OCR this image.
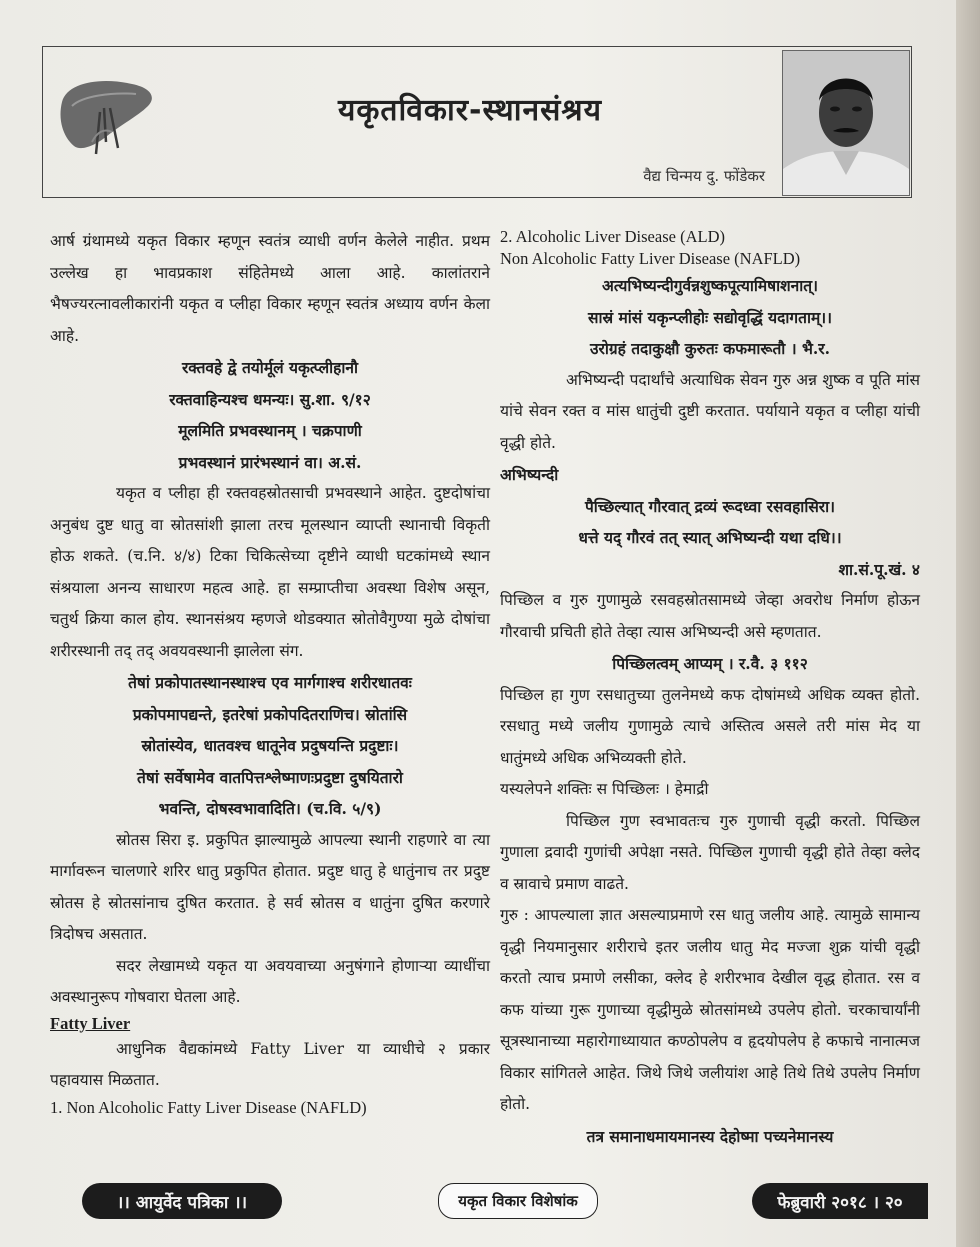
यकृतविकार-स्थानसंश्रय
वैद्य चिन्मय दु. फोंडेकर

आर्ष ग्रंथामध्ये यकृत विकार म्हणून स्वतंत्र व्याधी वर्णन केलेले नाहीत. प्रथम उल्लेख हा भावप्रकाश संहितेमध्ये आला आहे. कालांतराने भैषज्यरत्नावलीकारांनी यकृत व प्लीहा विकार म्हणून स्वतंत्र अध्याय वर्णन केला आहे.

रक्तवहे द्वे तयोर्मूलं यकृत्प्लीहानौ

रक्तवाहिन्यश्च धमन्यः। सु.शा. ९/१२

मूलमिति प्रभवस्थानम् । चक्रपाणी

प्रभवस्थानं प्रारंभस्थानं वा। अ.सं.

यकृत व प्लीहा ही रक्तवहस्रोतसाची प्रभवस्थाने आहेत. दुष्टदोषांचा अनुबंध दुष्ट धातु वा स्रोतसांशी झाला तरच मूलस्थान व्याप्ती स्थानाची विकृती होऊ शकते. (च.नि. ४/४) टिका चिकित्सेच्या दृष्टीने व्याधी घटकांमध्ये स्थान संश्रयाला अनन्य साधारण महत्व आहे. हा सम्प्राप्तीचा अवस्था विशेष असून, चतुर्थ क्रिया काल होय. स्थानसंश्रय म्हणजे थोडक्यात स्रोतोवैगुण्या मुळे दोषांचा शरीरस्थानी तद् तद् अवयवस्थानी झालेला संग.

तेषां प्रकोपातस्थानस्थाश्च एव मार्गगाश्च शरीरधातवः

प्रकोपमापद्यन्ते, इतरेषां प्रकोपदितराणिच। स्रोतांसि

स्रोतांस्येव, धातवश्च धातूनेव प्रदुषयन्ति प्रदुष्टाः।

तेषां सर्वेषामेव वातपित्तश्लेष्माणःप्रदुष्टा दुषयितारो

भवन्ति, दोषस्वभावादिति। (च.वि. ५/९)

स्रोतस सिरा इ. प्रकुपित झाल्यामुळे आपल्या स्थानी राहणारे वा त्या मार्गावरून चालणारे शरिर धातु प्रकुपित होतात. प्रदुष्ट धातु हे धातुंनाच तर प्रदुष्ट स्रोतस हे स्रोतसांनाच दुषित करतात. हे सर्व स्रोतस व धातुंना दुषित करणारे त्रिदोषच असतात.

सदर लेखामध्ये यकृत या अवयवाच्या अनुषंगाने होणाऱ्या व्याधींचा अवस्थानुरूप गोषवारा घेतला आहे.

Fatty Liver

आधुनिक वैद्यकांमध्ये Fatty Liver या व्याधीचे २ प्रकार पहावयास मिळतात.

1. Non Alcoholic Fatty Liver Disease (NAFLD)

2. Alcoholic Liver Disease (ALD)

Non Alcoholic Fatty Liver Disease (NAFLD)

अत्यभिष्यन्दीगुर्वन्नशुष्कपूत्यामिषाशनात्।

सास्रं मांसं यकृन्प्लीहोः सद्योवृद्धिं यदागताम्।।

उरोग्रहं तदाकुक्षौ कुरुतः कफमारूतौ । भै.र.

अभिष्यन्दी पदार्थांचे अत्याधिक सेवन गुरु अन्न शुष्क व पूति मांस यांचे सेवन रक्त व मांस धातुंची दुष्टी करतात. पर्यायाने यकृत व प्लीहा यांची वृद्धी होते.

अभिष्यन्दी

पैच्छिल्यात् गौरवात् द्रव्यं रूदध्वा रसवहासिरा।

धत्ते यद् गौरवं तत् स्यात् अभिष्यन्दी यथा दधि।।

शा.सं.पू.खं. ४

पिच्छिल व गुरु गुणामुळे रसवहस्रोतसामध्ये जेव्हा अवरोध निर्माण होऊन गौरवाची प्रचिती होते तेव्हा त्यास अभिष्यन्दी असे म्हणतात.

पिच्छिलत्वम् आप्यम् । र.वै. ३ ११२

पिच्छिल हा गुण रसधातुच्या तुलनेमध्ये कफ दोषांमध्ये अधिक व्यक्त होतो. रसधातु मध्ये जलीय गुणामुळे त्याचे अस्तित्व असले तरी मांस मेद या धातुंमध्ये अधिक अभिव्यक्ती होते.

यस्यलेपने शक्तिः स पिच्छिलः । हेमाद्री

पिच्छिल गुण स्वभावतःच गुरु गुणाची वृद्धी करतो. पिच्छिल गुणाला द्रवादी गुणांची अपेक्षा नसते. पिच्छिल गुणाची वृद्धी होते तेव्हा क्लेद व स्रावाचे प्रमाण वाढते.

गुरु : आपल्याला ज्ञात असल्याप्रमाणे रस धातु जलीय आहे. त्यामुळे सामान्य वृद्धी नियमानुसार शरीराचे इतर जलीय धातु मेद मज्जा शुक्र यांची वृद्धी करतो त्याच प्रमाणे लसीका, क्लेद हे शरीरभाव देखील वृद्ध होतात. रस व कफ यांच्या गुरू गुणाच्या वृद्धीमुळे स्रोतसांमध्ये उपलेप होतो. चरकाचार्यांनी सूत्रस्थानाच्या महारोगाध्यायात कण्ठोपलेप व हृदयोपलेप हे कफाचे नानात्मज विकार सांगितले आहेत. जिथे जिथे जलीयांश आहे तिथे तिथे उपलेप निर्माण होतो.

तत्र समानाधमायमानस्य देहोष्मा पच्यनेमानस्य

।। आयुर्वेद पत्रिका ।।	यकृत विकार विशेषांक	फेब्रुवारी २०१८ । २०
